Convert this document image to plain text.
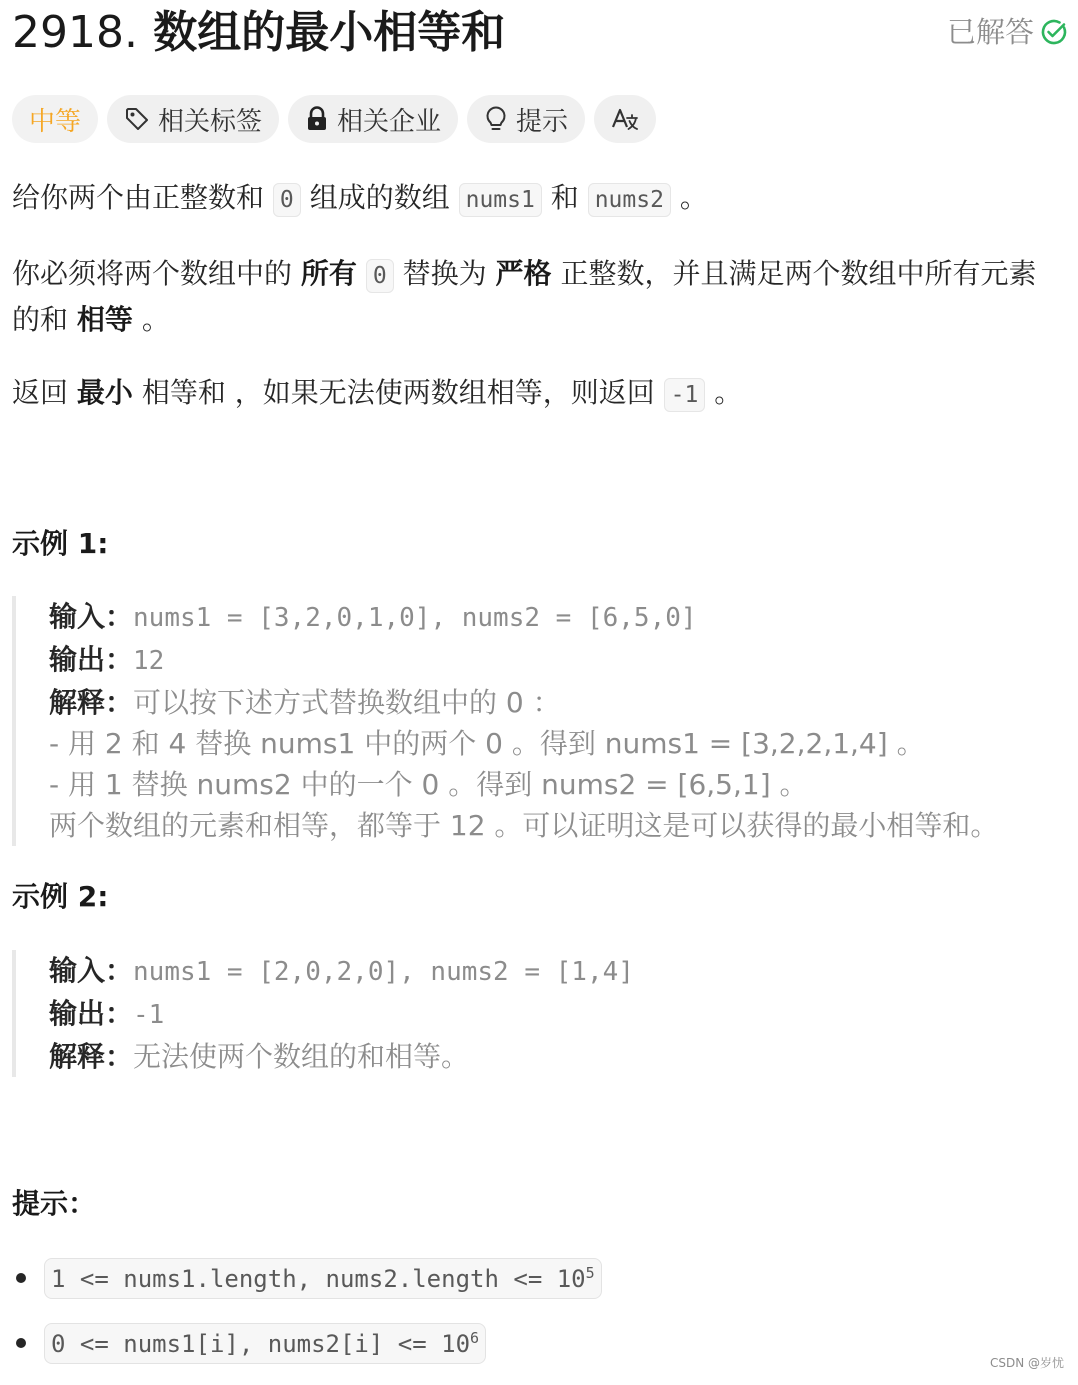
2918. 数组的最小相等和	已解答
中等	相关标签	相关企业	提示
给你两个由正整数和 0 组成的数组 nums1 和 nums2 。
你必须将两个数组中的 所有 0 替换为 严格 正整数，并且满足两个数组中所有元素的和 相等 。
返回 最小 相等和 ，如果无法使两数组相等，则返回 -1 。
示例 1:
输入：nums1 = [3,2,0,1,0], nums2 = [6,5,0]
输出：12
解释：可以按下述方式替换数组中的 0 ：
- 用 2 和 4 替换 nums1 中的两个 0 。得到 nums1 = [3,2,2,1,4] 。
- 用 1 替换 nums2 中的一个 0 。得到 nums2 = [6,5,1] 。
两个数组的元素和相等，都等于 12 。可以证明这是可以获得的最小相等和。
示例 2:
输入：nums1 = [2,0,2,0], nums2 = [1,4]
输出：-1
解释：无法使两个数组的和相等。
提示：
1 <= nums1.length, nums2.length <= $10^5$
0 <= nums1[i], nums2[i] <= $10^6$
CSDN @岁忧
